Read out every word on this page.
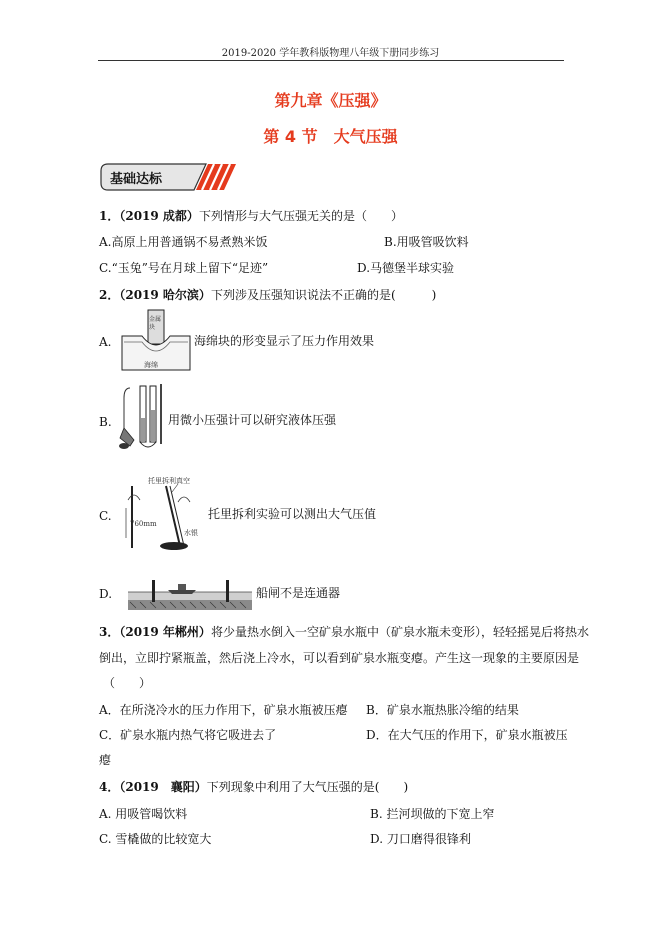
2019-2020 学年教科版物理八年级下册同步练习
第九章《压强》
第 4 节　大气压强
基础达标
1．（2019 成都）下列情形与大气压强无关的是（　　）
A.高原上用普通锅不易煮熟米饭	B.用吸管吸饮料
C.“玉兔”号在月球上留下“足迹”	D.马德堡半球实验
2．（2019 哈尔滨）下列涉及压强知识说法不正确的是(　　　)
A.
金属块
海绵
海绵块的形变显示了压力作用效果
B.	用微小压强计可以研究液体压强
C.
托里拆利真空
760mm
水银
托里拆利实验可以测出大气压值
D.	船闸不是连通器
3．（2019 年郴州）将少量热水倒入一空矿泉水瓶中（矿泉水瓶未变形），轻轻摇晃后将热水
倒出，立即拧紧瓶盖，然后浇上冷水，可以看到矿泉水瓶变瘪。产生这一现象的主要原因是
（　　）
A．在所浇冷水的压力作用下，矿泉水瓶被压瘪 B．矿泉水瓶热胀冷缩的结果
C．矿泉水瓶内热气将它吸进去了	D．在大气压的作用下，矿泉水瓶被压
瘪
4．（2019　襄阳）下列现象中利用了大气压强的是(　　)
A. 用吸管喝饮料	B. 拦河坝做的下宽上窄
C. 雪橇做的比较宽大	D. 刀口磨得很锋利
